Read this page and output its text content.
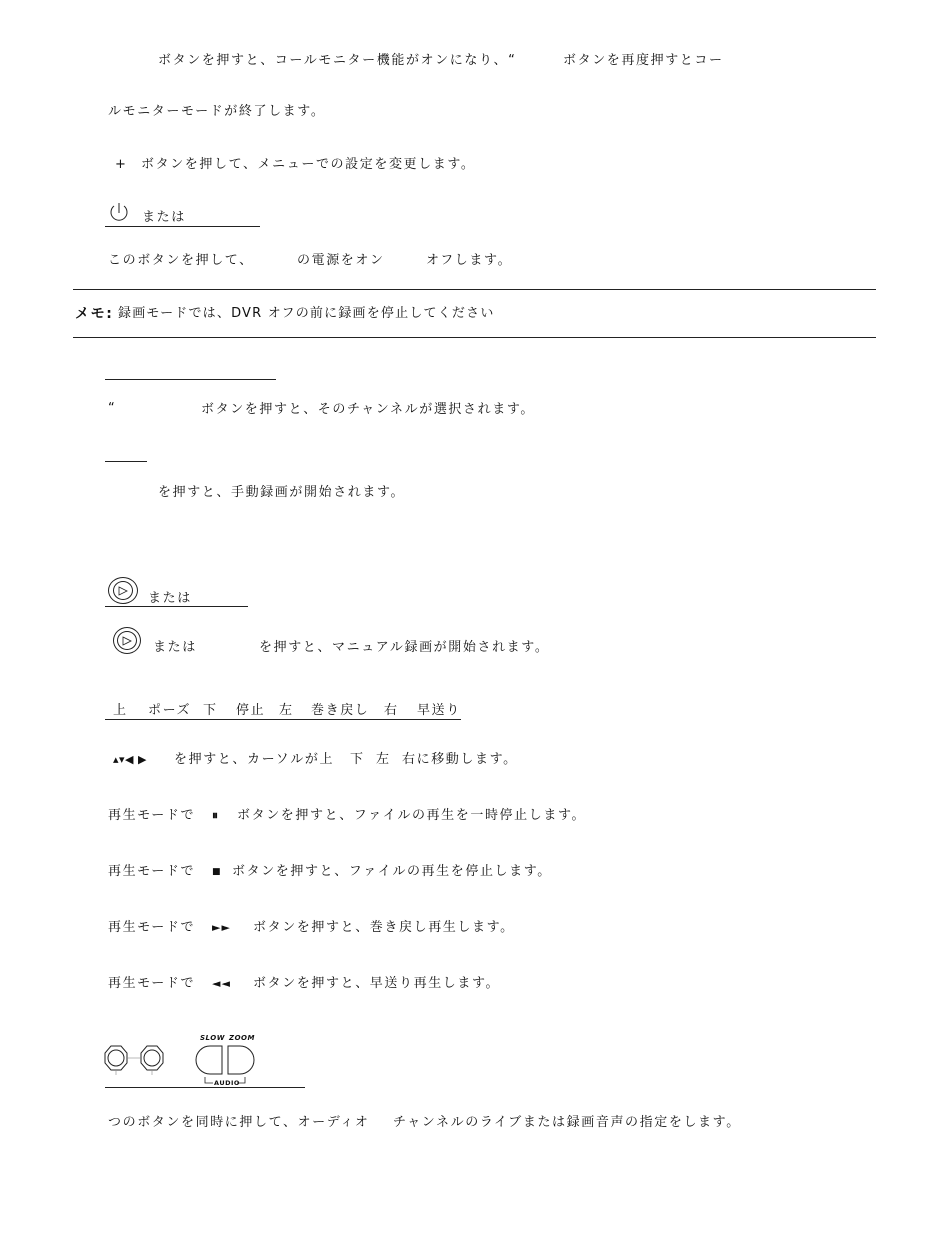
ボタンを押すと、コールモニター機能がオンになり、“	ボタンを再度押すとコー
ルモニターモードが終了します。
+ ボタンを押して、メニューでの設定を変更します。
または
このボタンを押して、	の電源をオン	オフします。
メモ: 録画モードでは、DVR オフの前に録画を停止してください
“	ボタンを押すと、そのチャンネルが選択されます。
を押すと、手動録画が開始されます。
または
または	を押すと、マニュアル録画が開始されます。
上 ポーズ 下 停止 左 巻き戻し 右 早送り
▴▾◀ ▶ を押すと、カーソルが上 下 左 右に移動します。
再生モードで ⏸ ボタンを押すと、ファイルの再生を一時停止します。
再生モードで ■ ボタンを押すと、ファイルの再生を停止します。
再生モードで ►► ボタンを押すと、巻き戻し再生します。
再生モードで ◄◄ ボタンを押すと、早送り再生します。
SLOW ZOOM
AUDIO
つのボタンを同時に押して、オーディオ チャンネルのライブまたは録画音声の指定をします。
